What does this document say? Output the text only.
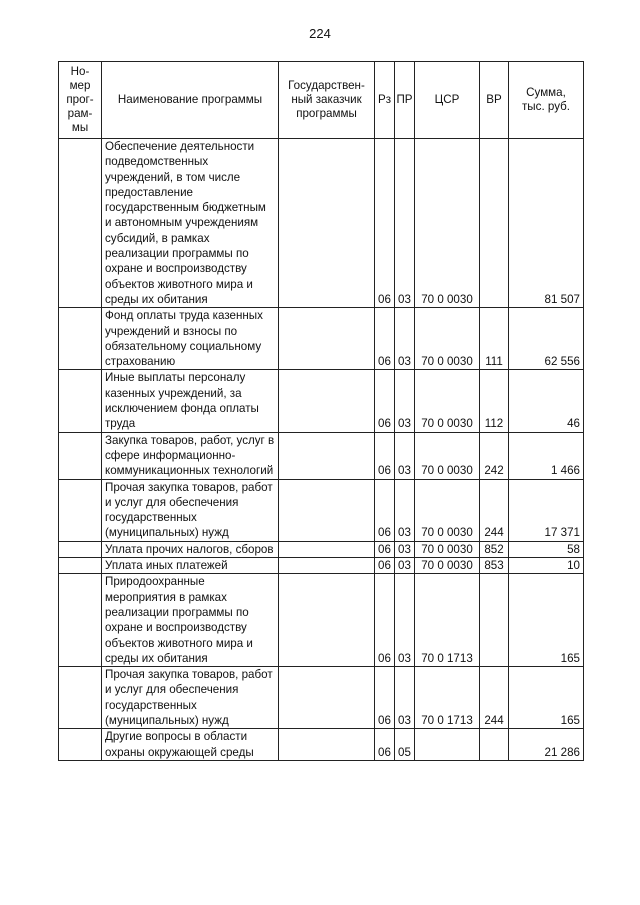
224
Но-
мер
прог-
рам-
мы	Наименование программы	Государствен-
ный заказчик
программы	Рз	ПР	ЦСР	ВР	Сумма,
тыс. руб.
	Обеспечение деятельности подведомственных учреждений, в том числе предоставление государственным бюджетным и автономным учреждениям субсидий, в рамках реализации программы по охране и воспроизводству объектов животного мира и среды их обитания		06	03	70 0 0030		81 507
	Фонд оплаты труда казенных учреждений и взносы по обязательному социальному страхованию		06	03	70 0 0030	111	62 556
	Иные выплаты персоналу казенных учреждений, за исключением фонда оплаты труда		06	03	70 0 0030	112	46
	Закупка товаров, работ, услуг в сфере информационно-коммуникационных технологий		06	03	70 0 0030	242	1 466
	Прочая закупка товаров, работ и услуг для обеспечения государственных (муниципальных) нужд		06	03	70 0 0030	244	17 371
	Уплата прочих налогов, сборов		06	03	70 0 0030	852	58
	Уплата иных платежей		06	03	70 0 0030	853	10
	Природоохранные мероприятия в рамках реализации программы по охране и воспроизводству объектов животного мира и среды их обитания		06	03	70 0 1713		165
	Прочая закупка товаров, работ и услуг для обеспечения государственных (муниципальных) нужд		06	03	70 0 1713	244	165
	Другие вопросы в области охраны окружающей среды		06	05			21 286
